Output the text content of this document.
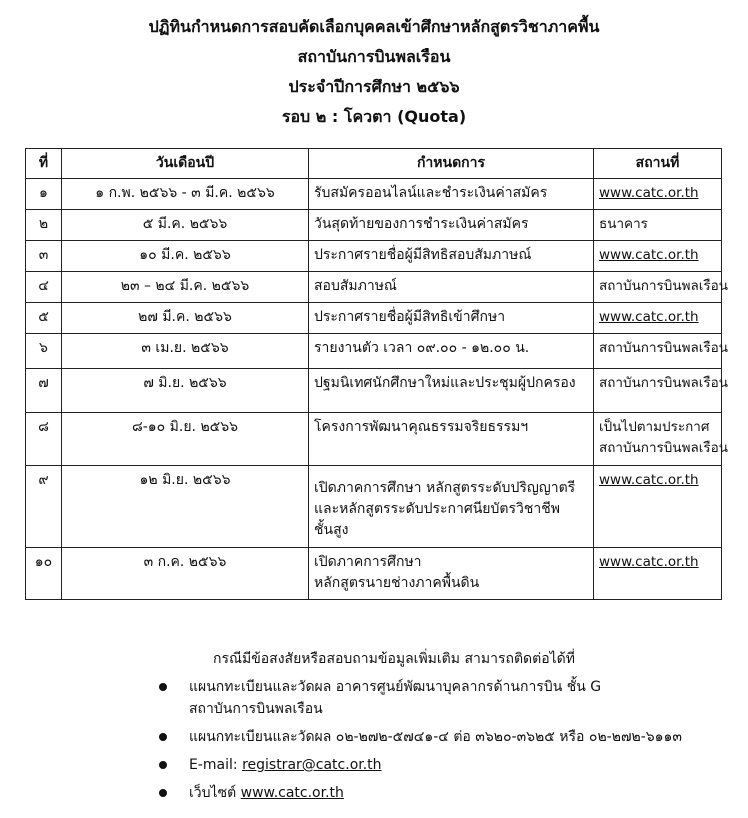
ปฏิทินกำหนดการสอบคัดเลือกบุคคลเข้าศึกษาหลักสูตรวิชาภาคพื้น
สถาบันการบินพลเรือน
ประจำปีการศึกษา ๒๕๖๖
รอบ ๒ : โควตา (Quota)
ที่	วันเดือนปี	กำหนดการ	สถานที่
๑	๑ ก.พ. ๒๕๖๖ - ๓ มี.ค. ๒๕๖๖	รับสมัครออนไลน์และชำระเงินค่าสมัคร	www.catc.or.th
๒	๕ มี.ค. ๒๕๖๖	วันสุดท้ายของการชำระเงินค่าสมัคร	ธนาคาร
๓	๑๐ มี.ค. ๒๕๖๖	ประกาศรายชื่อผู้มีสิทธิสอบสัมภาษณ์	www.catc.or.th
๔	๒๓ – ๒๔ มี.ค. ๒๕๖๖	สอบสัมภาษณ์	สถาบันการบินพลเรือน
๕	๒๗ มี.ค. ๒๕๖๖	ประกาศรายชื่อผู้มีสิทธิเข้าศึกษา	www.catc.or.th
๖	๓ เม.ย. ๒๕๖๖	รายงานตัว เวลา ๐๙.๐๐ - ๑๒.๐๐ น.	สถาบันการบินพลเรือน
๗	๗ มิ.ย. ๒๕๖๖	ปฐมนิเทศนักศึกษาใหม่และประชุมผู้ปกครอง	สถาบันการบินพลเรือน
๘	๘-๑๐ มิ.ย. ๒๕๖๖	โครงการพัฒนาคุณธรรมจริยธรรมฯ	เป็นไปตามประกาศ
สถาบันการบินพลเรือน

๙	๑๒ มิ.ย. ๒๕๖๖	เปิดภาคการศึกษา หลักสูตรระดับปริญญาตรี
และหลักสูตรระดับประกาศนียบัตรวิชาชีพ
ชั้นสูง	www.catc.or.th
๑๐	๓ ก.ค. ๒๕๖๖	เปิดภาคการศึกษา
หลักสูตรนายช่างภาคพื้นดิน	www.catc.or.th
กรณีมีข้อสงสัยหรือสอบถามข้อมูลเพิ่มเติม สามารถติดต่อได้ที่
แผนกทะเบียนและวัดผล อาคารศูนย์พัฒนาบุคลากรด้านการบิน ชั้น G
สถาบันการบินพลเรือน
แผนกทะเบียนและวัดผล ๐๒-๒๗๒-๕๗๔๑-๔ ต่อ ๓๖๒๐-๓๖๒๕ หรือ ๐๒-๒๗๒-๖๑๑๓
E-mail: registrar@catc.or.th
เว็บไซต์ www.catc.or.th
